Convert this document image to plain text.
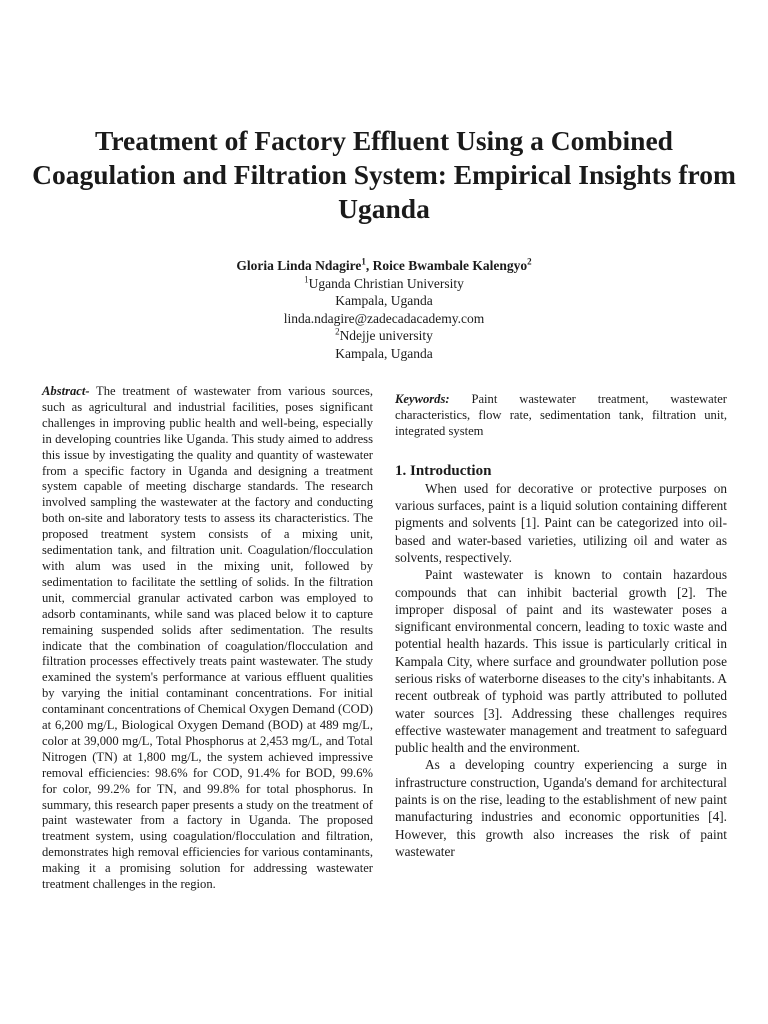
Treatment of Factory Effluent Using a Combined Coagulation and Filtration System: Empirical Insights from Uganda
Gloria Linda Ndagire$^1$, Roice Bwambale Kalengyo$^2$
$^1$Uganda Christian University
Kampala, Uganda
linda.ndagire@zadecadacademy.com
$^2$Ndejje university
Kampala, Uganda

Abstract- The treatment of wastewater from various sources, such as agricultural and industrial facilities, poses significant challenges in improving public health and well-being, especially in developing countries like Uganda. This study aimed to address this issue by investigating the quality and quantity of wastewater from a specific factory in Uganda and designing a treatment system capable of meeting discharge standards. The research involved sampling the wastewater at the factory and conducting both on-site and laboratory tests to assess its characteristics. The proposed treatment system consists of a mixing unit, sedimentation tank, and filtration unit. Coagulation/flocculation with alum was used in the mixing unit, followed by sedimentation to facilitate the settling of solids. In the filtration unit, commercial granular activated carbon was employed to adsorb contaminants, while sand was placed below it to capture remaining suspended solids after sedimentation. The results indicate that the combination of coagulation/flocculation and filtration processes effectively treats paint wastewater. The study examined the system's performance at various effluent qualities by varying the initial contaminant concentrations. For initial contaminant concentrations of Chemical Oxygen Demand (COD) at 6,200 mg/L, Biological Oxygen Demand (BOD) at 489 mg/L, color at 39,000 mg/L, Total Phosphorus at 2,453 mg/L, and Total Nitrogen (TN) at 1,800 mg/L, the system achieved impressive removal efficiencies: 98.6% for COD, 91.4% for BOD, 99.6% for color, 99.2% for TN, and 99.8% for total phosphorus. In summary, this research paper presents a study on the treatment of paint wastewater from a factory in Uganda. The proposed treatment system, using coagulation/flocculation and filtration, demonstrates high removal efficiencies for various contaminants, making it a promising solution for addressing wastewater treatment challenges in the region.

Keywords: Paint wastewater treatment, wastewater characteristics, flow rate, sedimentation tank, filtration unit, integrated system

1. Introduction

When used for decorative or protective purposes on various surfaces, paint is a liquid solution containing different pigments and solvents [1]. Paint can be categorized into oil-based and water-based varieties, utilizing oil and water as solvents, respectively.

Paint wastewater is known to contain hazardous compounds that can inhibit bacterial growth [2]. The improper disposal of paint and its wastewater poses a significant environmental concern, leading to toxic waste and potential health hazards. This issue is particularly critical in Kampala City, where surface and groundwater pollution pose serious risks of waterborne diseases to the city's inhabitants. A recent outbreak of typhoid was partly attributed to polluted water sources [3]. Addressing these challenges requires effective wastewater management and treatment to safeguard public health and the environment.

As a developing country experiencing a surge in infrastructure construction, Uganda's demand for architectural paints is on the rise, leading to the establishment of new paint manufacturing industries and economic opportunities [4]. However, this growth also increases the risk of paint wastewater
